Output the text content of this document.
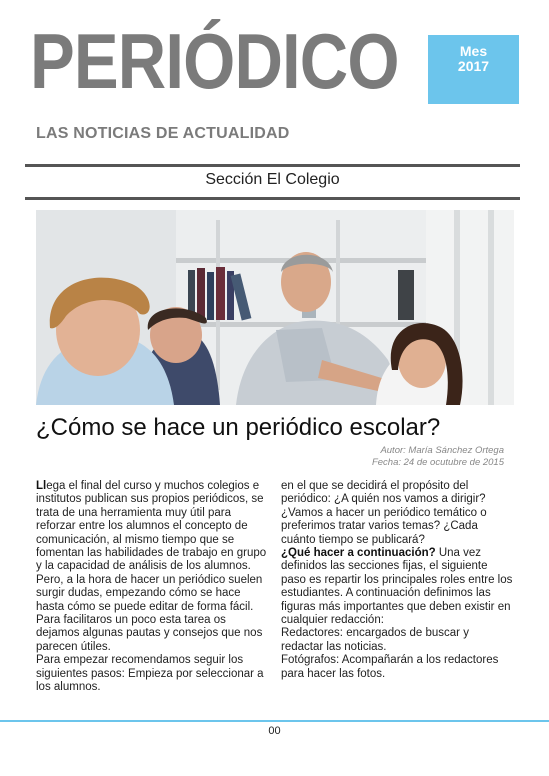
PERIÓDICO	Mes
2017

LAS NOTICIAS DE ACTUALIDAD

Sección El Colegio
¿Cómo se hace un periódico escolar?
Autor: María Sánchez Ortega
Fecha: 24 de ocutubre de 2015

Llega el final del curso y muchos colegios e institutos publican sus propios periódicos, se trata de una herramienta muy útil para reforzar entre los alumnos el concepto de comunicación, al mismo tiempo que se fomentan las habilidades de trabajo en grupo y la capacidad de análisis de los alumnos.

Pero, a la hora de hacer un periódico suelen surgir dudas, empezando cómo se hace hasta cómo se puede editar de forma fácil. Para facilitaros un poco esta tarea os dejamos algunas pautas y consejos que nos parecen útiles.

Para empezar recomendamos seguir los siguientes pasos: Empieza por seleccionar a los alumnos.

en el que se decidirá el propósito del periódico: ¿A quién nos vamos a dirigir? ¿Vamos a hacer un periódico temático o preferimos tratar varios temas? ¿Cada cuánto tiempo se publicará?

¿Qué hacer a continuación? Una vez definidos las secciones fijas, el siguiente paso es repartir los principales roles entre los estudiantes. A continuación definimos las figuras más importantes que deben existir en cualquier redacción:

Redactores: encargados de buscar y redactar las noticias.

Fotógrafos: Acompañarán a los redactores para hacer las fotos.

00
